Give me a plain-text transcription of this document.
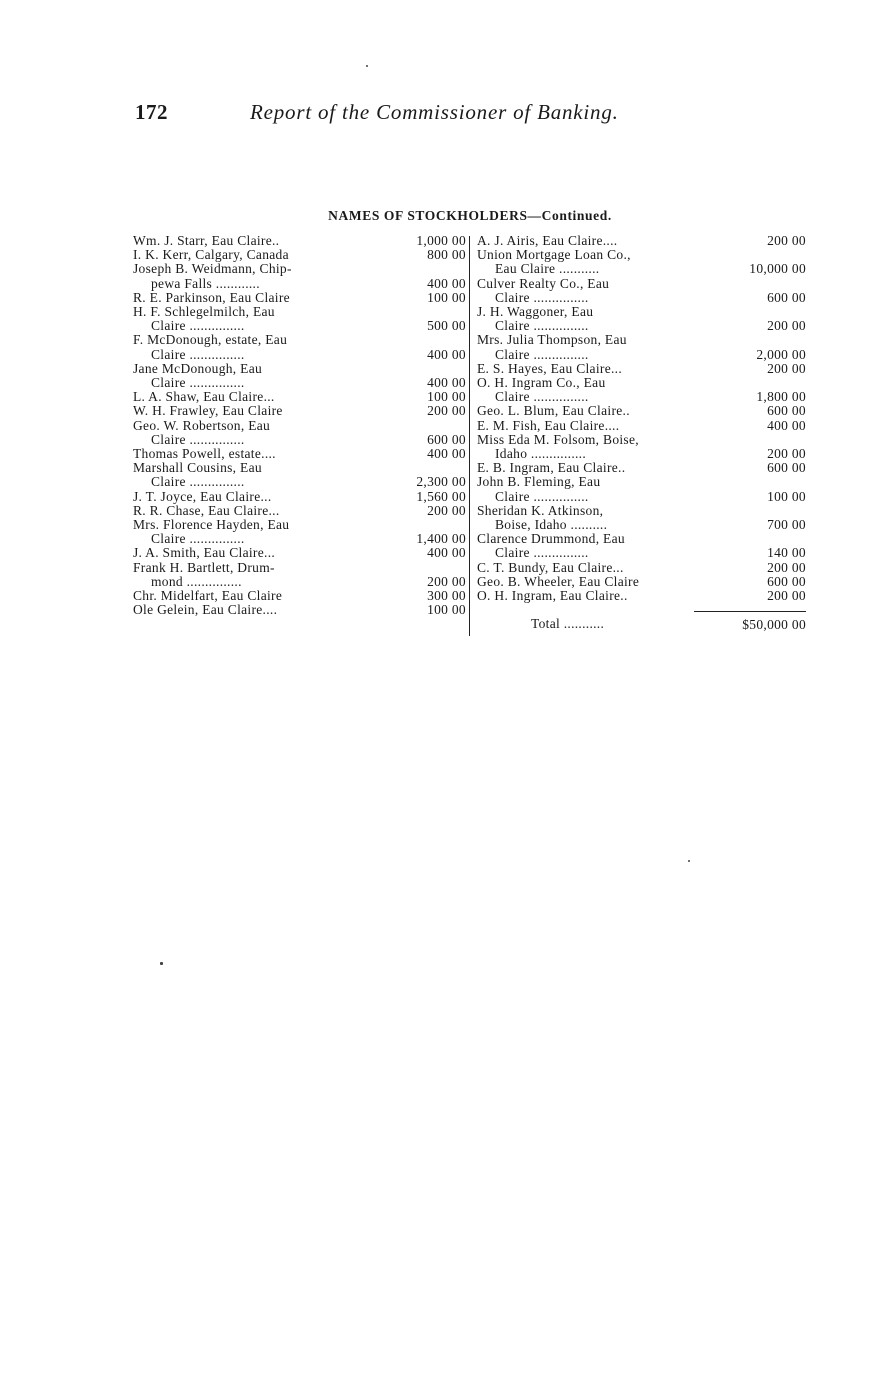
172	Report of the Commissioner of Banking.
NAMES OF STOCKHOLDERS—Continued.
Wm. J. Starr, Eau Claire..	1,000 00
I. K. Kerr, Calgary, Canada	800 00
Joseph B. Weidmann, Chip-

pewa Falls ............	400 00
R. E. Parkinson, Eau Claire	100 00
H. F. Schlegelmilch, Eau

Claire ...............	500 00
F. McDonough, estate, Eau

Claire ...............	400 00
Jane McDonough, Eau

Claire ...............	400 00
L. A. Shaw, Eau Claire...	100 00
W. H. Frawley, Eau Claire	200 00
Geo. W. Robertson, Eau

Claire ...............	600 00
Thomas Powell, estate....	400 00
Marshall Cousins, Eau

Claire ...............	2,300 00
J. T. Joyce, Eau Claire...	1,560 00
R. R. Chase, Eau Claire...	200 00
Mrs. Florence Hayden, Eau

Claire ...............	1,400 00
J. A. Smith, Eau Claire...	400 00
Frank H. Bartlett, Drum-

mond ...............	200 00
Chr. Midelfart, Eau Claire	300 00
Ole Gelein, Eau Claire....	100 00
A. J. Airis, Eau Claire....	200 00
Union Mortgage Loan Co.,

Eau Claire ...........	10,000 00
Culver Realty Co., Eau

Claire ...............	600 00
J. H. Waggoner, Eau

Claire ...............	200 00
Mrs. Julia Thompson, Eau

Claire ...............	2,000 00
E. S. Hayes, Eau Claire...	200 00
O. H. Ingram Co., Eau

Claire ...............	1,800 00
Geo. L. Blum, Eau Claire..	600 00
E. M. Fish, Eau Claire....	400 00
Miss Eda M. Folsom, Boise,

Idaho ...............	200 00
E. B. Ingram, Eau Claire..	600 00
John B. Fleming, Eau

Claire ...............	100 00
Sheridan K. Atkinson,

Boise, Idaho ..........	700 00
Clarence Drummond, Eau

Claire ...............	140 00
C. T. Bundy, Eau Claire...	200 00
Geo. B. Wheeler, Eau Claire	600 00
O. H. Ingram, Eau Claire..	200 00
Total ...........	$50,000 00
